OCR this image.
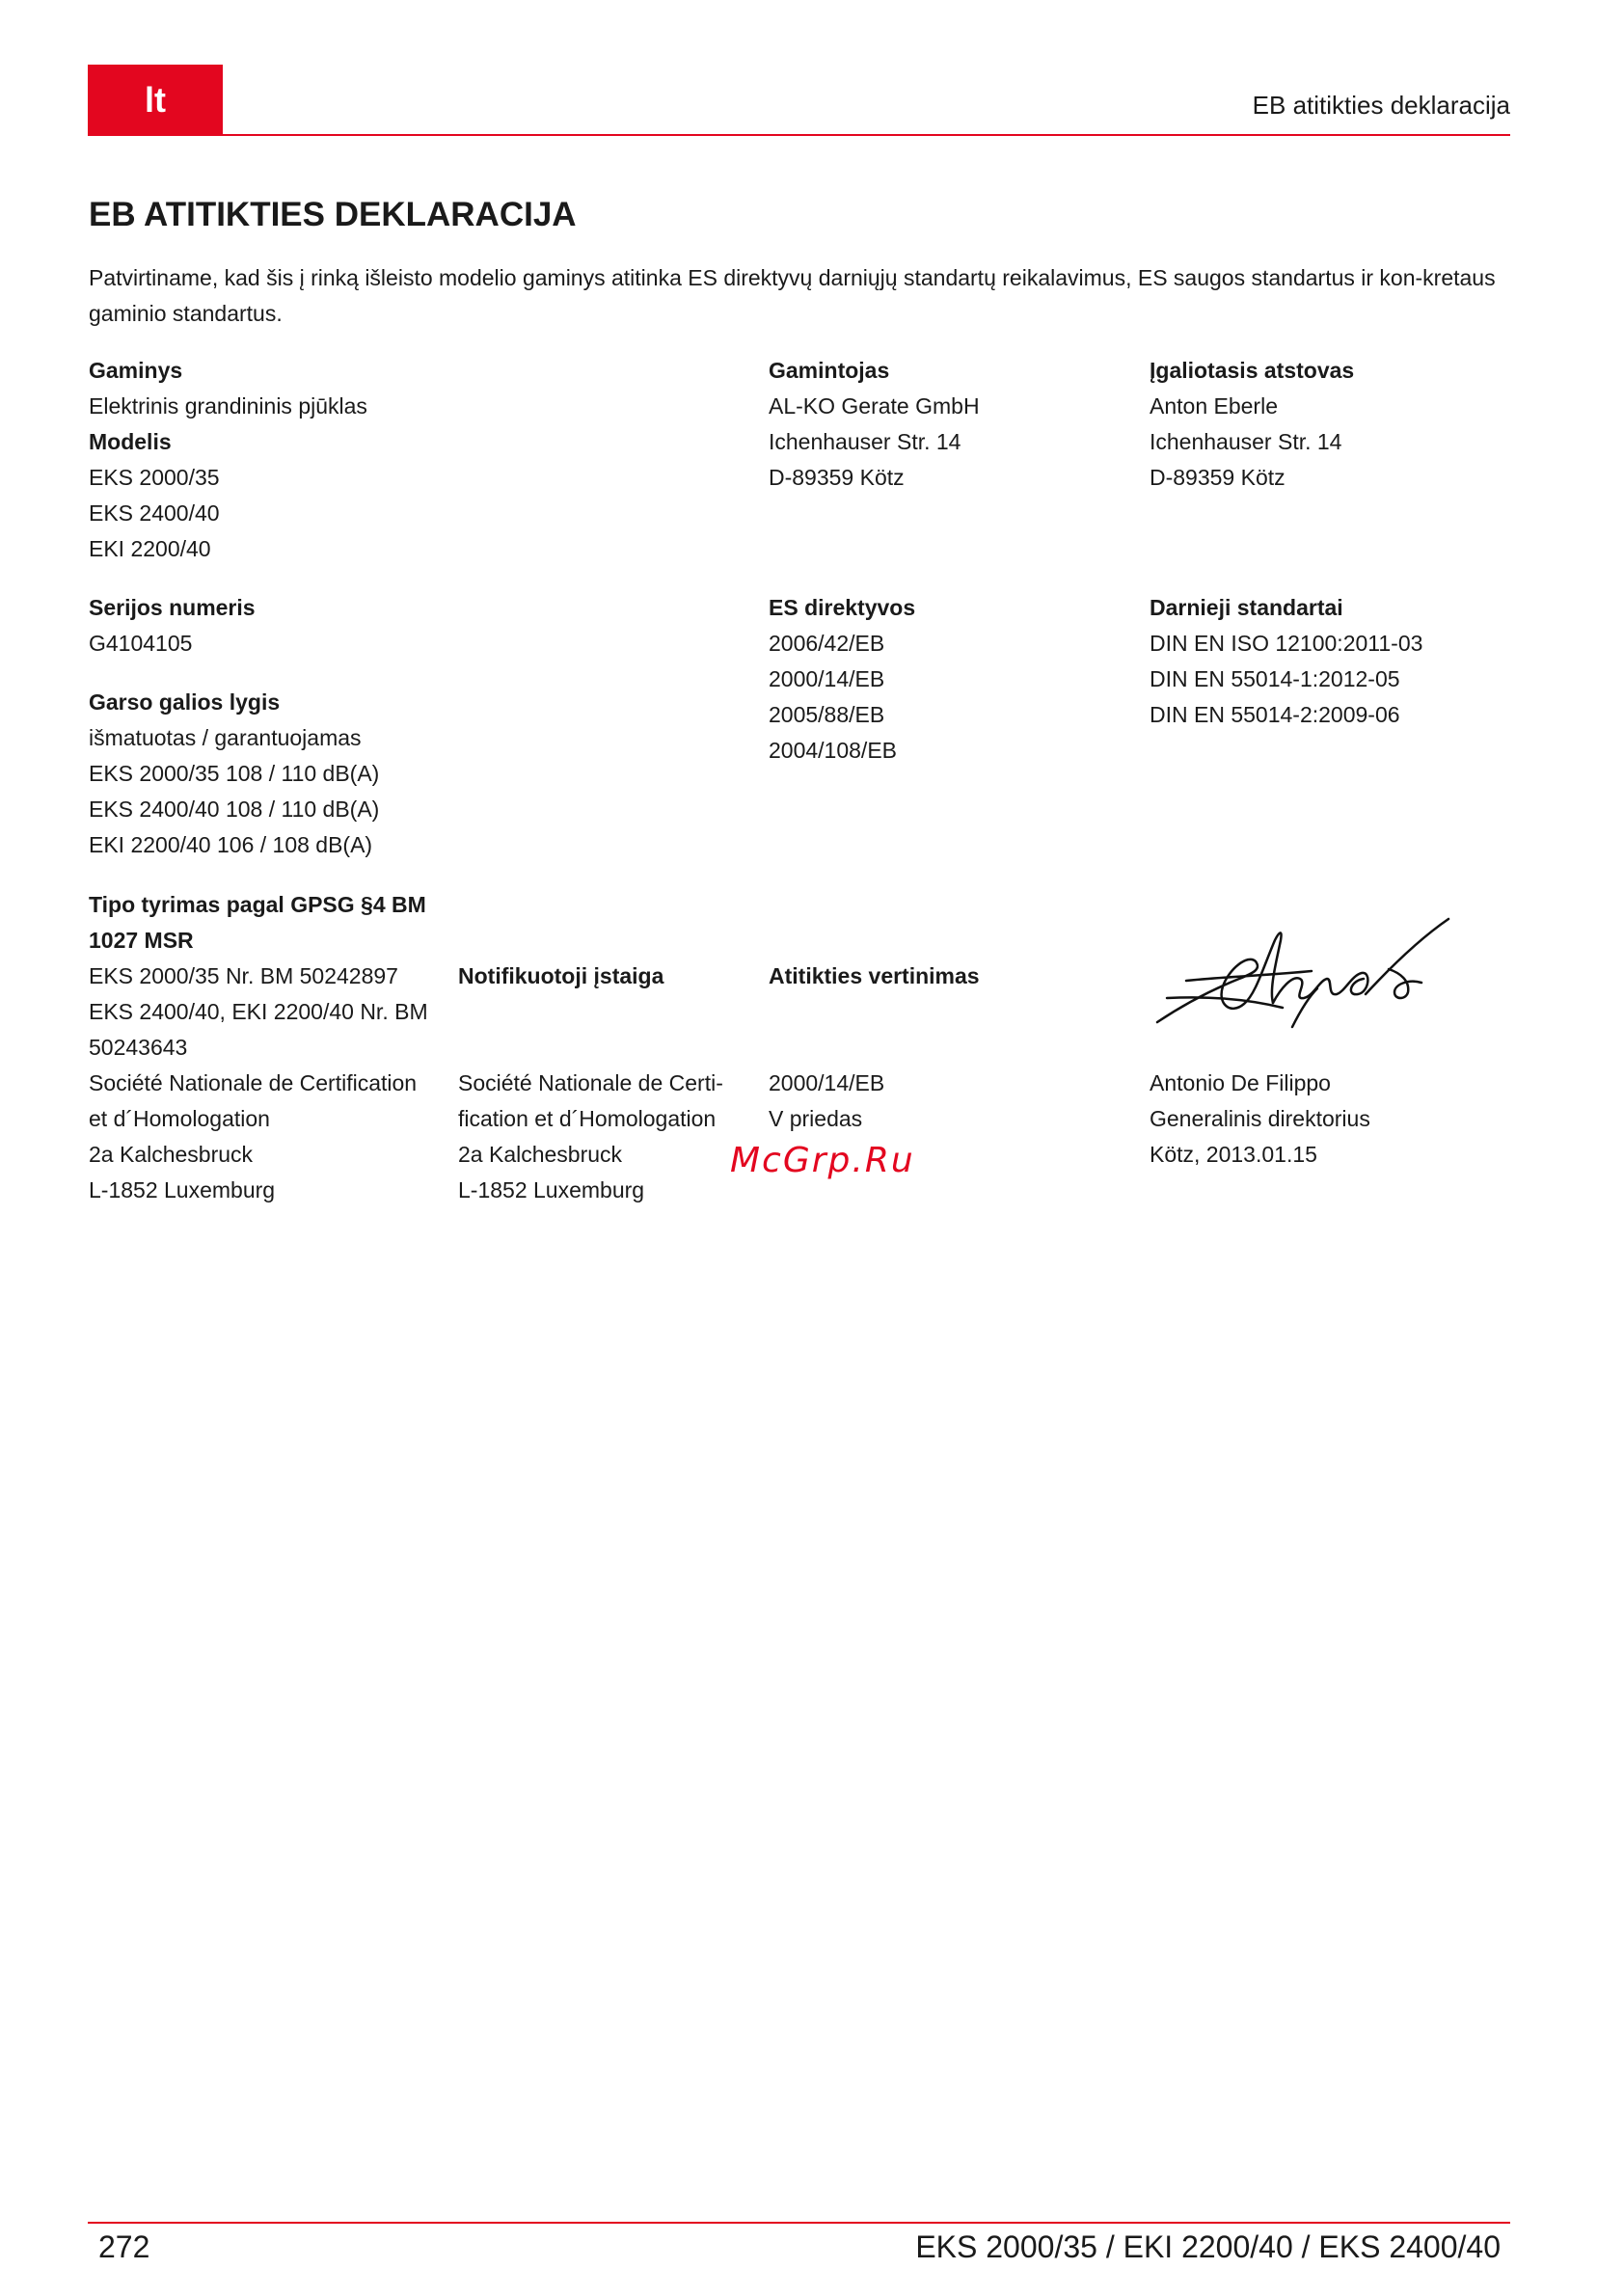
lt	EB atitikties deklaracija
EB ATITIKTIES DEKLARACIJA

Patvirtiname, kad šis į rinką išleisto modelio gaminys atitinka ES direktyvų darniųjų standartų reikalavimus, ES saugos standartus ir kon-kretaus gaminio standartus.

Gaminys
Elektrinis grandininis pjūklas
Modelis
EKS 2000/35
EKS 2400/40
EKI 2200/40
Gamintojas
AL-KO Gerate GmbH
Ichenhauser Str. 14
D-89359 Kötz
Įgaliotasis atstovas
Anton Eberle
Ichenhauser Str. 14
D-89359 Kötz
Serijos numeris
G4104105
ES direktyvos
2006/42/EB
2000/14/EB
2005/88/EB
2004/108/EB
Darnieji standartai
DIN EN ISO 12100:2011-03
DIN EN 55014-1:2012-05
DIN EN 55014-2:2009-06
Garso galios lygis
išmatuotas / garantuojamas
EKS 2000/35 108 / 110 dB(A)
EKS 2400/40 108 / 110 dB(A)
EKI 2200/40 106 / 108 dB(A)
Tipo tyrimas pagal GPSG §4 BM
1027 MSR
EKS 2000/35 Nr. BM 50242897
EKS 2400/40, EKI 2200/40 Nr. BM
50243643
Société Nationale de Certification
et d´Homologation
2a Kalchesbruck
L-1852 Luxemburg
Notifikuotoji įstaiga
Société Nationale de Certi-
fication et d´Homologation
2a Kalchesbruck
L-1852 Luxemburg
Atitikties vertinimas
2000/14/EB
V priedas
Antonio De Filippo
Generalinis direktorius
Kötz, 2013.01.15
McGrp.Ru
272	EKS 2000/35 / EKI 2200/40 / EKS 2400/40
